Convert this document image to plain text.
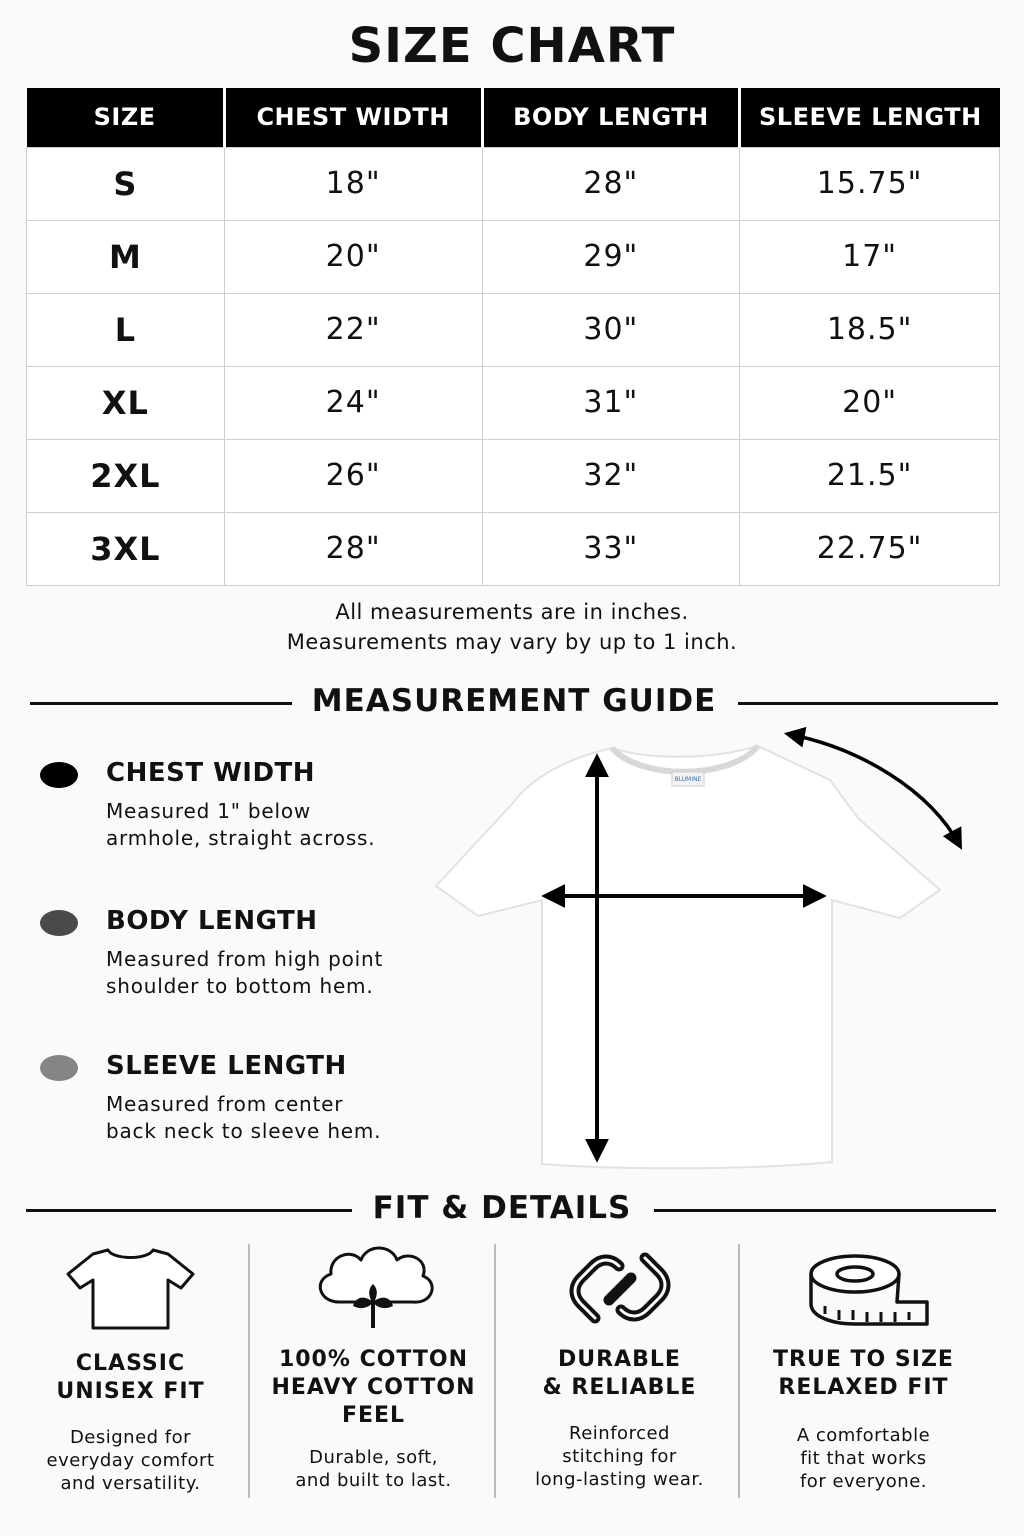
SIZE CHART
SIZE	CHEST WIDTH	BODY LENGTH	SLEEVE LENGTH
S	18"	28"	15.75"
M	20"	29"	17"
L	22"	30"	18.5"
XL	24"	31"	20"
2XL	26"	32"	21.5"
3XL	28"	33"	22.75"
All measurements are in inches.
Measurements may vary by up to 1 inch.
MEASUREMENT GUIDE
CHEST WIDTH
Measured 1" below armhole, straight across.
BODY LENGTH
Measured from high point shoulder to bottom hem.
SLEEVE LENGTH
Measured from center back neck to sleeve hem.
BLUMINE
FIT & DETAILS
CLASSIC
UNISEX FIT
Designed for
everyday comfort
and versatility.
100% COTTON
HEAVY COTTON
FEEL
Durable, soft,
and built to last.
DURABLE
& RELIABLE
Reinforced
stitching for
long-lasting wear.
TRUE TO SIZE
RELAXED FIT
A comfortable
fit that works
for everyone.
